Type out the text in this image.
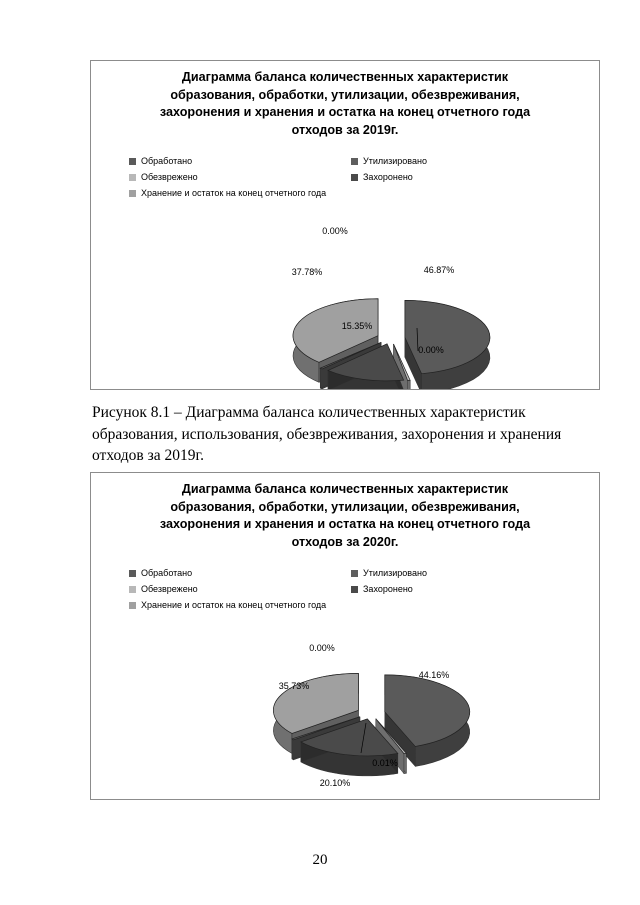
Диаграмма баланса количественных характеристик
образования, обработки, утилизации, обезвреживания,
захоронения и хранения и остатка на конец отчетного года
отходов за 2019г.
Обработано	Утилизировано
Обезврежено	Захоронено
Хранение и остаток на конец отчетного года
46.87%
0.00%
15.35%
0.00%
37.78%
Рисунок 8.1 – Диаграмма баланса количественных характеристик
образования, использования, обезвреживания, захоронения и хранения
отходов за 2019г.
Диаграмма баланса количественных характеристик
образования, обработки, утилизации, обезвреживания,
захоронения и хранения и остатка на конец отчетного года
отходов за 2020г.
Обработано	Утилизировано
Обезврежено	Захоронено
Хранение и остаток на конец отчетного года
44.16%
0.01%
20.10%
0.00%
35.73%
20
